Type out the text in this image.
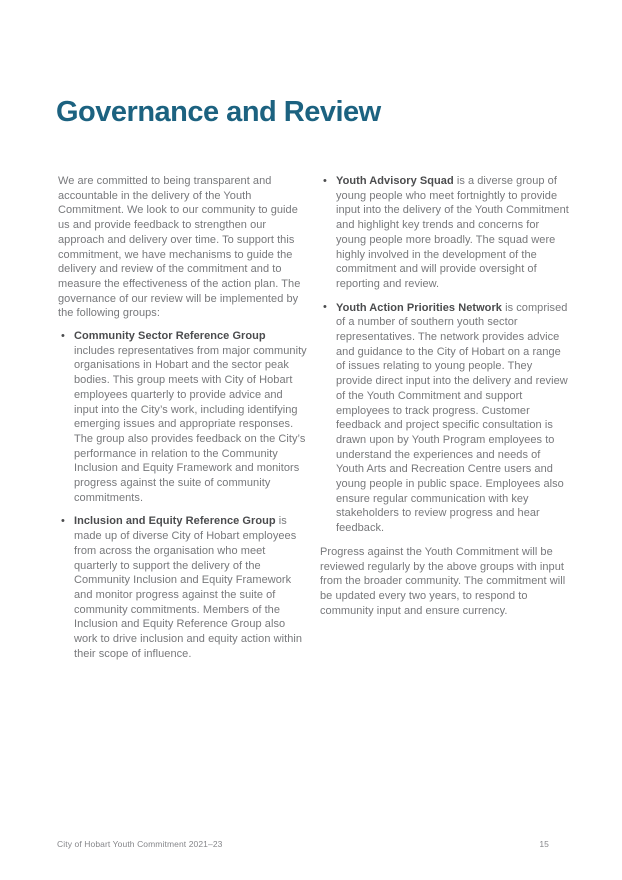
Governance and Review

We are committed to being transparent and accountable in the delivery of the Youth Commitment. We look to our community to guide us and provide feedback to strengthen our approach and delivery over time. To support this commitment, we have mechanisms to guide the delivery and review of the commitment and to measure the effectiveness of the action plan. The governance of our review will be implemented by the following groups:

• Community Sector Reference Group includes representatives from major community organisations in Hobart and the sector peak bodies. This group meets with City of Hobart employees quarterly to provide advice and input into the City’s work, including identifying emerging issues and appropriate responses. The group also provides feedback on the City’s performance in relation to the Community Inclusion and Equity Framework and monitors progress against the suite of community commitments.
• Inclusion and Equity Reference Group is made up of diverse City of Hobart employees from across the organisation who meet quarterly to support the delivery of the Community Inclusion and Equity Framework and monitor progress against the suite of community commitments. Members of the Inclusion and Equity Reference Group also work to drive inclusion and equity action within their scope of influence.
• Youth Advisory Squad is a diverse group of young people who meet fortnightly to provide input into the delivery of the Youth Commitment and highlight key trends and concerns for young people more broadly. The squad were highly involved in the development of the commitment and will provide oversight of reporting and review.
• Youth Action Priorities Network is comprised of a number of southern youth sector representatives. The network provides advice and guidance to the City of Hobart on a range of issues relating to young people. They provide direct input into the delivery and review of the Youth Commitment and support employees to track progress. Customer feedback and project specific consultation is drawn upon by Youth Program employees to understand the experiences and needs of Youth Arts and Recreation Centre users and young people in public space. Employees also ensure regular communication with key stakeholders to review progress and hear feedback.

Progress against the Youth Commitment will be reviewed regularly by the above groups with input from the broader community. The commitment will be updated every two years, to respond to community input and ensure currency.

City of Hobart Youth Commitment 2021–23	15
